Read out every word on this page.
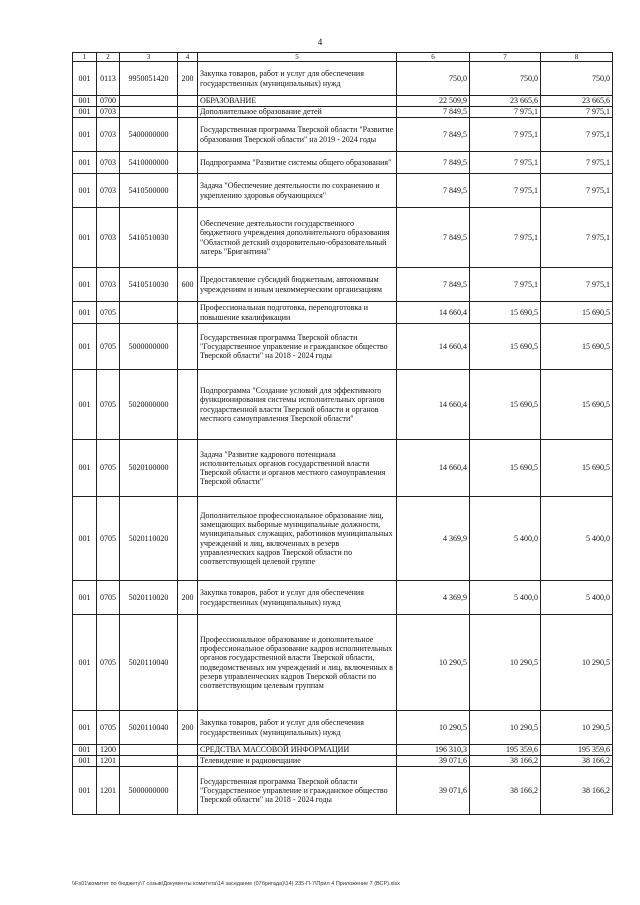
4
1	2	3	4	5	6	7	8
001	0113	9950051420	200	Закупка товаров, работ и услуг для обеспечения государственных (муниципальных) нужд	750,0	750,0	750,0
001	0700			ОБРАЗОВАНИЕ	22 509,9	23 665,6	23 665,6
001	0703			Дополнительное образование детей	7 849,5	7 975,1	7 975,1
001	0703	5400000000		Государственная программа Тверской области "Развитие образования Тверской области" на 2019 - 2024 годы	7 849,5	7 975,1	7 975,1
001	0703	5410000000		Подпрограмма "Развитие системы общего образования"	7 849,5	7 975,1	7 975,1
001	0703	5410500000		Задача "Обеспечение деятельности по сохранению и укреплению здоровья обучающихся"	7 849,5	7 975,1	7 975,1
001	0703	5410510030		Обеспечение деятельности государственного бюджетного учреждения дополнительного образования "Областной детский оздоровительно-образовательный лагерь "Бригантина"	7 849,5	7 975,1	7 975,1
001	0703	5410510030	600	Предоставление субсидий бюджетным, автономным учреждениям и иным некоммерческим организациям	7 849,5	7 975,1	7 975,1
001	0705			Профессиональная подготовка, переподготовка и повышение квалификации	14 660,4	15 690,5	15 690,5
001	0705	5000000000		Государственная программа Тверской области "Государственное управление и гражданское общество Тверской области" на 2018 - 2024 годы	14 660,4	15 690,5	15 690,5
001	0705	5020000000		Подпрограмма "Создание условий для эффективного функционирования системы исполнительных органов государственной власти Тверской области и органов местного самоуправления Тверской области"	14 660,4	15 690,5	15 690,5
001	0705	5020100000		Задача "Развитие кадрового потенциала исполнительных органов государственной власти Тверской области и органов местного самоуправления Тверской области"	14 660,4	15 690,5	15 690,5
001	0705	5020110020		Дополнительное профессиональное образование лиц, замещающих выборные муниципальные должности, муниципальных служащих, работников муниципальных учреждений и лиц, включенных в резерв управленческих кадров Тверской области по соответствующей целевой группе	4 369,9	5 400,0	5 400,0
001	0705	5020110020	200	Закупка товаров, работ и услуг для обеспечения государственных (муниципальных) нужд	4 369,9	5 400,0	5 400,0
001	0705	5020110040		Профессиональное образование и дополнительное профессиональное образование кадров исполнительных органов государственной власти Тверской области, подведомственных им учреждений и лиц, включенных в резерв управленческих кадров Тверской области по соответствующим целевым группам	10 290,5	10 290,5	10 290,5
001	0705	5020110040	200	Закупка товаров, работ и услуг для обеспечения государственных (муниципальных) нужд	10 290,5	10 290,5	10 290,5
001	1200			СРЕДСТВА МАССОВОЙ ИНФОРМАЦИИ	196 310,3	195 359,6	195 359,6
001	1201			Телевидение и радиовещание	39 071,6	38 166,2	38 166,2
001	1201	5000000000		Государственная программа Тверской области "Государственное управление и гражданское общество Тверской области" на 2018 - 2024 годы	39 071,6	38 166,2	38 166,2
\\Fs01\комитет по бюджету\7 созыв\Документы комитета\14 заседание (07бригада)\14) 235-П-7\Прил 4 Приложение 7 (ВСР).xlsx
